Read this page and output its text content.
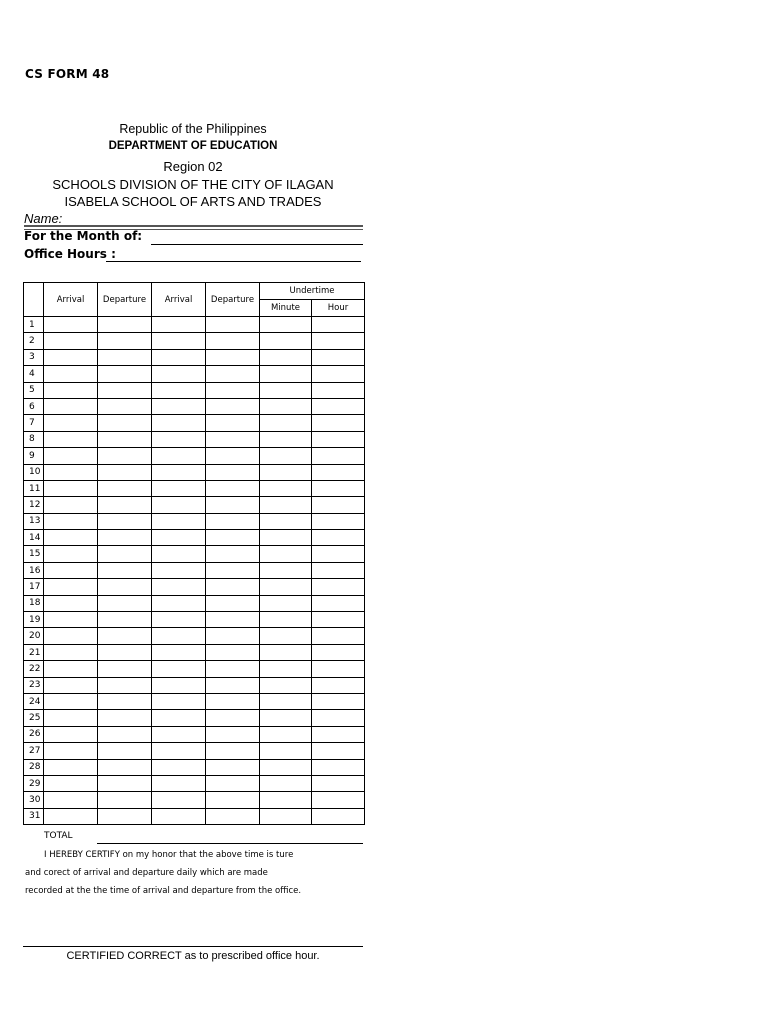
CS FORM 48
Republic of the Philippines
DEPARTMENT OF EDUCATION
Region 02
SCHOOLS DIVISION OF THE CITY OF ILAGAN
ISABELA SCHOOL OF ARTS AND TRADES
Name:
For the Month of:
Office Hours :
	Arrival	Departure	Arrival	Departure	Undertime	
					Minute	Hour
1						
2						
3						
4						
5						
6						
7						
8						
9						
10						
11						
12						
13						
14						
15						
16						
17						
18						
19						
20						
21						
22						
23						
24						
25						
26						
27						
28						
29						
30						
31						
TOTAL
I HEREBY CERTIFY on my honor that the above time is ture
and corect of arrival and departure daily which are made
recorded at the the time of arrival and departure from the office.
CERTIFIED CORRECT as to prescribed office hour.
